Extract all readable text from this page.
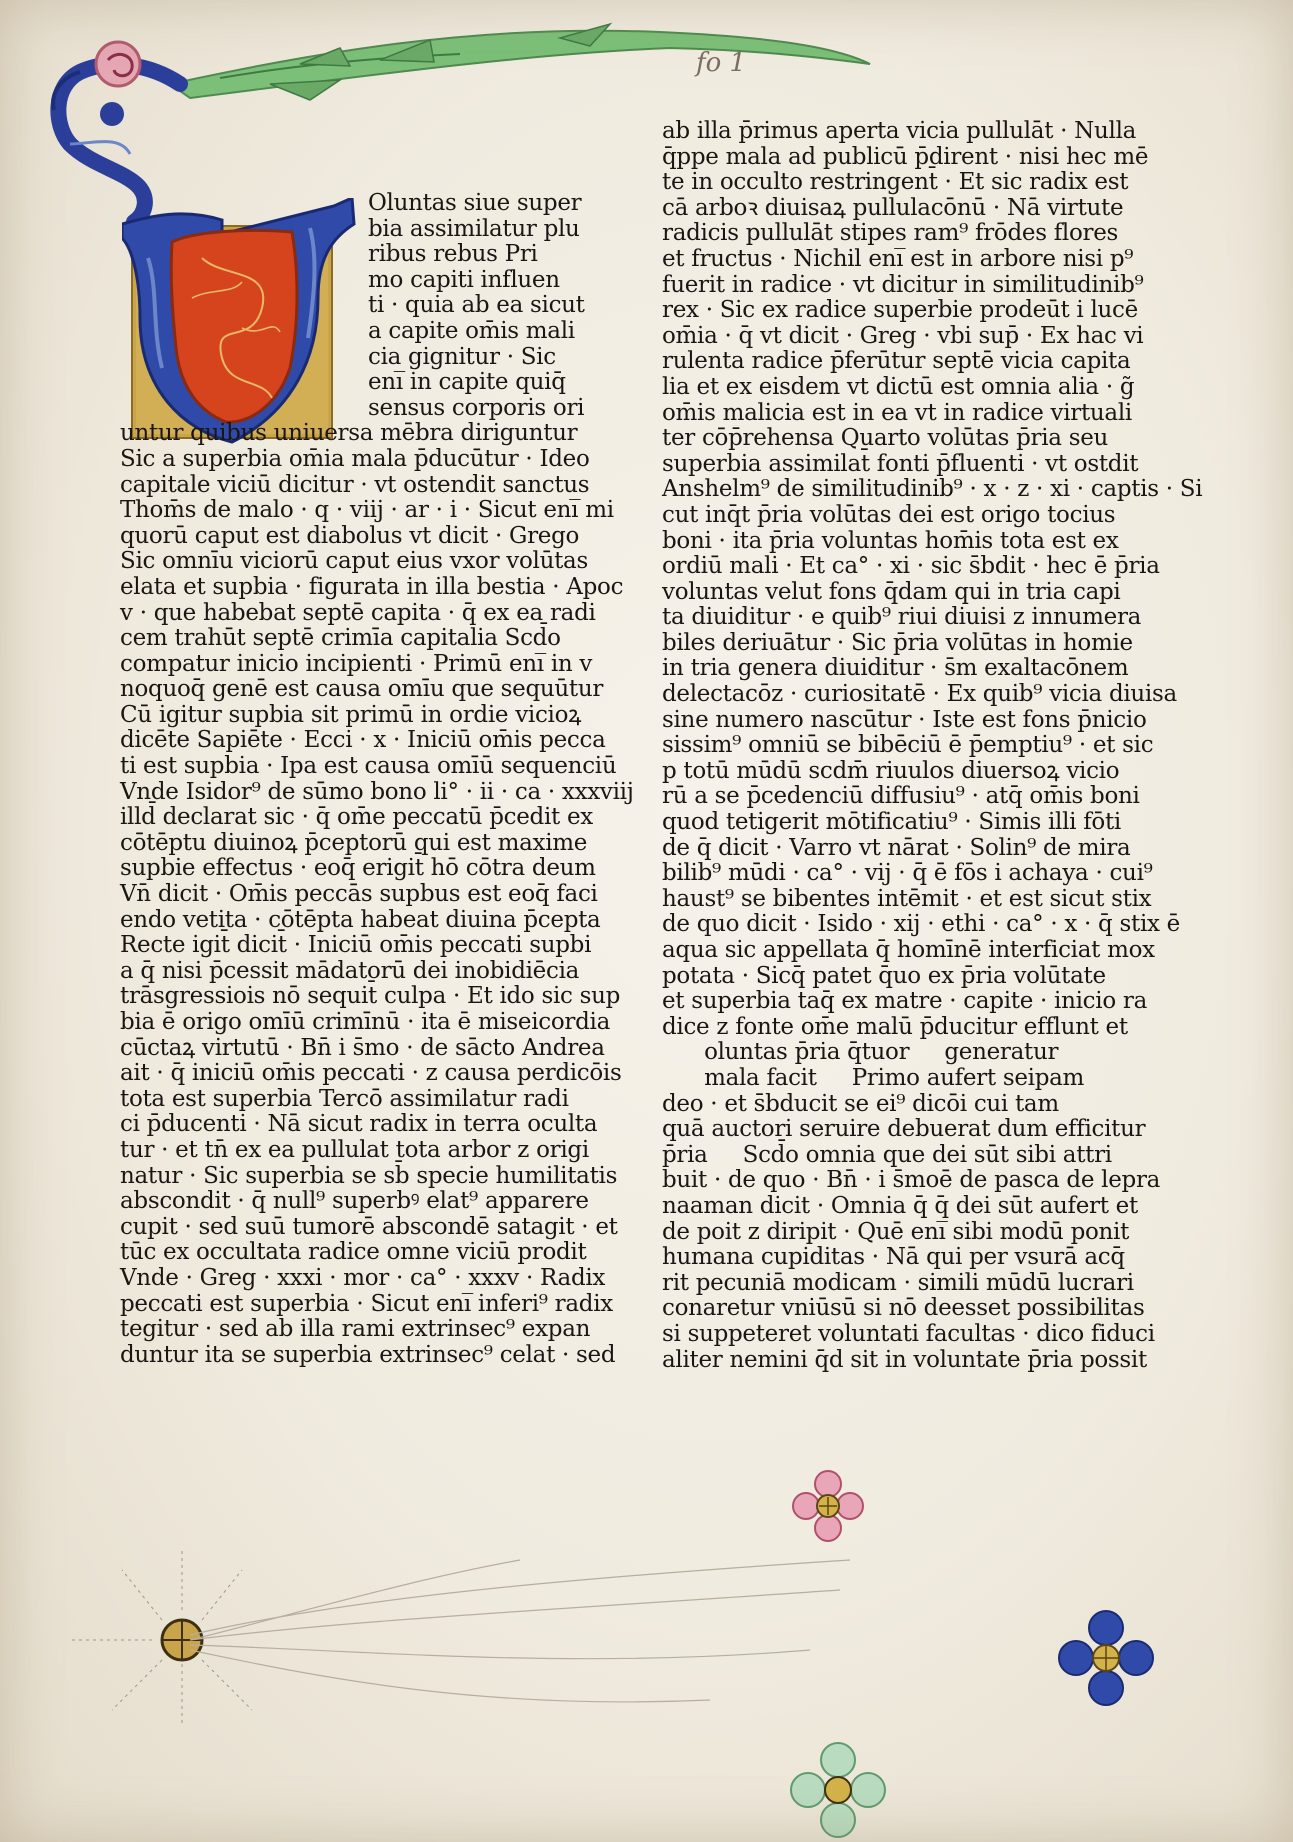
fo 1
Oluntas siue super
bia assimilatur plu
ribus rebus Pri
mo capiti influen
ti · quia ab ea sicut
a capite om̄is mali
cia gignitur · Sic
eni̅ in capite quiq̄
sensus corporis ori
untur quibus uniuersa mēbra diriguntur
Sic a superbia om̄ia mala p̄ducūtur · Ideo
capitale viciū dicitur · vt ostendit sanctus
Thom̄s de malo · q · viij · ar · i · Sicut eni̅ mi
quorū caput est diabolus vt dicit · Grego
Sic omnīu viciorū caput eius vxor volūtas
elata et supbia · figurata in illa bestia · Apoc
v · que habebat septē capita · q̄ ex ea radi
cem trahūt septē crimīa capitalia Scd̄o
compatur inicio incipienti · Primū eni̅ in v
noquoq̄ genē est causa omīu que sequūtur
Cū igitur supbia sit primū in ordie vicioꝝ
dicēte Sapiēte · Ecci · x · Iniciū om̄is pecca
ti est supbia · Ipa est causa omīū sequenciū
Vnde Isidor⁹ de sūmo bono li° · ii · ca · xxxviij
illd̄ declarat sic · q̄ om̄e peccatū p̄cedit ex
cōtēptu diuinoꝝ p̄ceptorū qui est maxime
supbie effectus · eoq̄ erigit̄ hō cōtra deum
Vn̄ dicit · Om̄is peccās supbus est eoq̄ faci
endo vetita · cōtēpta habeat diuina p̄cepta
Recte igit̄ dicit̄ · Iniciū om̄is peccati supbi
a q̄ nisi p̄cessit mādatorū dei inobidiēcia
trāsgressiois nō sequit̄ culpa · Et ido sic sup
bia ē origo omīū crimīnū · ita ē miseicordia
cūctaꝝ virtutū · Bn̄ i s̄mo · de sācto Andrea
ait · q̄ iniciū om̄is peccati · z causa perdicōis
tota est superbia Tercō assimilatur radi
ci p̄ducenti · Nā sicut radix in terra oculta
tur · et tn̄ ex ea pullulat tota arbor z origi
natur · Sic superbia se sb̄ specie humilitatis
abscondit · q̄ null⁹ superbꝰ elat⁹ apparere
cupit · sed suū tumorē abscondē satagit · et
tūc ex occultata radice omne viciū prodit
Vnde · Greg · xxxi · mor · ca° · xxxv · Radix
peccati est superbia · Sicut eni̅ inferi⁹ radix
tegitur · sed ab illa rami extrinsec⁹ expan
duntur ita se superbia extrinsec⁹ celat · sed
ab illa p̄rimus aperta vicia pullulāt · Nulla
q̄ppe mala ad publicū p̄dirent · nisi hec mē
te in occulto restringent̄ · Et sic radix est
cā arboꝛ diuisaꝝ pullulacōnū · Nā virtute
radicis pullulāt stipes ram⁹ frōdes flores
et fructus · Nichil eni̅ est in arbore nisi p⁹
fuerit in radice · vt dicitur in similitudinib⁹
rex · Sic ex radice superbie prodeūt i lucē
om̄ia · q̄ vt dicit · Greg · vbi sup̄ · Ex hac vi
rulenta radice p̄ferūtur septē vicia capita
lia et ex eisdem vt dictū est omnia alia · g̃
om̄is malicia est in ea vt in radice virtuali
ter cōp̄rehensa Quarto volūtas p̄ria seu
superbia assimilat̄ fonti p̄fluenti · vt ostdit
Anshelm⁹ de similitudinib⁹ · x · z · xi · captis · Si
cut inq̄t p̄ria volūtas dei est origo tocius
boni · ita p̄ria voluntas hom̄is tota est ex
ordiū mali · Et ca° · xi · sic s̄bdit · hec ē p̄ria
voluntas velut fons q̄dam qui in tria capi
ta diuiditur · e quib⁹ riui diuisi z innumera
biles deriuātur · Sic p̄ria volūtas in homie
in tria genera diuiditur · s̄m exaltacōnem
delectacōz · curiositatē · Ex quib⁹ vicia diuisa
sine numero nascūtur · Iste est fons p̄nicio
sissim⁹ omniū se bibēciū ē p̄emptiu⁹ · et sic
p totū mūdū scdm̄ riuulos diuersoꝝ vicio
rū a se p̄cedenciū diffusiu⁹ · atq̄ om̄is boni
quod tetigerit mōtificatiu⁹ · Simis illi fōti
de q̄ dicit · Varro vt nārat · Solin⁹ de mira
bilib⁹ mūdi · ca° · vij · q̄ ē fōs i achaya · cui⁹
haust⁹ se bibentes intēmit · et est sicut stix
de quo dicit · Isido · xij · ethi · ca° · x · q̄ stix ē
aqua sic appellata q̄ homīnē interficiat mox
potata · Sicq̄ patet q̄uo ex p̄ria volūtate
et superbia taq̄ ex matre · capite · inicio ra
dice z fonte om̄e malū p̄ducitur efflunt et
oluntas p̄ria q̄tuor     generatur
mala facit     Primo aufert seipam
deo · et s̄bducit se ei⁹ dicōi cui tam
quā auctori seruire debuerat dum efficitur
p̄ria     Scd̄o omnia que dei sūt sibi attri
buit · de quo · Bn̄ · i s̄moē de pasca de lepra
naaman dicit · Omnia q̄ q̄ dei sūt aufert et
de poit z diripit · Quē eni̅ sibi modū ponit
humana cupiditas · Nā qui per vsurā acq̄
rit pecuniā modicam · simili mūdū lucrari
conaretur vniūsū si nō deesset possibilitas
si suppeteret voluntati facultas · dico fiduci
aliter nemini q̄d sit in voluntate p̄ria possit
